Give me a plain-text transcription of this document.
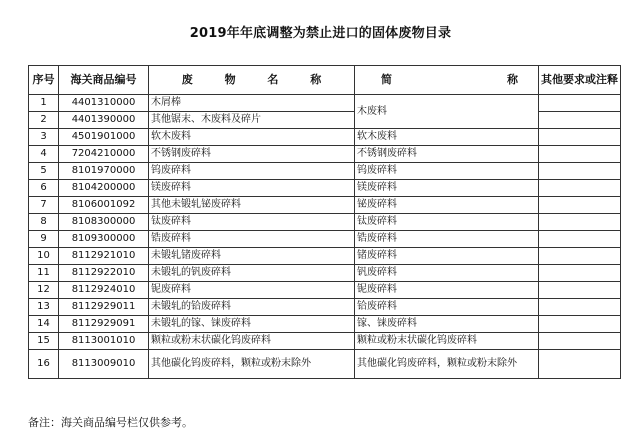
2019年年底调整为禁止进口的固体废物目录
序号	海关商品编号	废 物 名 称	简 称	其他要求或注释
1	4401310000	木屑棒	木废料	
2	4401390000	其他锯末、木废料及碎片		
3	4501901000	软木废料	软木废料	
4	7204210000	不锈钢废碎料	不锈钢废碎料	
5	8101970000	钨废碎料	钨废碎料	
6	8104200000	镁废碎料	镁废碎料	
7	8106001092	其他未锻轧铋废碎料	铋废碎料	
8	8108300000	钛废碎料	钛废碎料	
9	8109300000	锆废碎料	锆废碎料	
10	8112921010	未锻轧锗废碎料	锗废碎料	
11	8112922010	未锻轧的钒废碎料	钒废碎料	
12	8112924010	铌废碎料	铌废碎料	
13	8112929011	未锻轧的铪废碎料	铪废碎料	
14	8112929091	未锻轧的镓、铼废碎料	镓、铼废碎料	
15	8113001010	颗粒或粉末状碳化钨废碎料	颗粒或粉末状碳化钨废碎料	
16	8113009010	其他碳化钨废碎料，颗粒或粉末除外	其他碳化钨废碎料，颗粒或粉末除外	
备注：海关商品编号栏仅供参考。
